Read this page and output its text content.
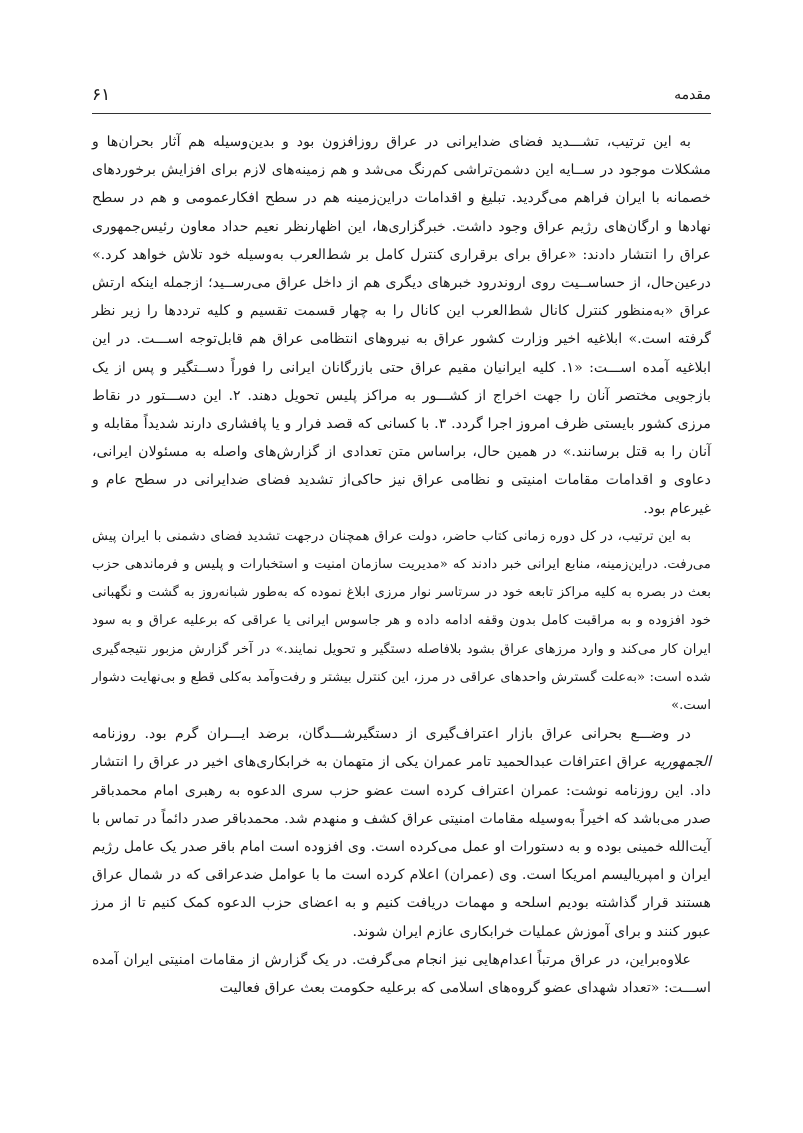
مقدمه
۶۱

به این ترتیب، تشـــدید فضای ضدایرانی در عراق روزافزون بود و بدین‌وسیله هم آثار بحران‌ها و مشکلات موجود در ســایه این دشمن‌تراشی کم‌رنگ می‌شد و هم زمینه‌های لازم برای افزایش برخوردهای خصمانه با ایران فراهم می‌گردید. تبلیغ و اقدامات دراین‌زمینه هم در سطح افکارعمومی و هم در سطح نهادها و ارگان‌های رژیم عراق وجود داشت. خبرگزاری‌ها، این اظهارنظر نعیم حداد معاون رئیس‌جمهوری عراق را انتشار دادند: «عراق برای برقراری کنترل کامل بر شط‌العرب به‌وسیله خود تلاش خواهد کرد.» درعین‌حال، از حساســیت روی اروندرود خبرهای دیگری هم از داخل عراق می‌رســید؛ ازجمله اینکه ارتش عراق «به‌منظور کنترل کانال شط‌العرب این کانال را به چهار قسمت تقسیم و کلیه ترددها را زیر نظر گرفته است.» ابلاغیه اخیر وزارت کشور عراق به نیروهای انتظامی عراق هم قابل‌توجه اســـت. در این ابلاغیه آمده اســـت: «۱. کلیه ایرانیان مقیم عراق حتی بازرگانان ایرانی را فوراً دســتگیر و پس از یک بازجویی مختصر آنان را جهت اخراج از کشـــور به مراکز پلیس تحویل دهند. ۲. این دســـتور در نقاط مرزی کشور بایستی ظرف امروز اجرا گردد. ۳. با کسانی که قصد فرار و یا پافشاری دارند شدیداً مقابله و آنان را به قتل برسانند.» در همین حال، براساس متن تعدادی از گزارش‌های واصله به مسئولان ایرانی، دعاوی و اقدامات مقامات امنیتی و نظامی عراق نیز حاکی‌از تشدید فضای ضدایرانی در سطح عام و غیرعام بود.

به این ترتیب، در کل دوره زمانی کتاب حاضر، دولت عراق همچنان درجهت تشدید فضای دشمنی با ایران پیش می‌رفت. دراین‌زمینه، منابع ایرانی خبر دادند که «مدیریت سازمان امنیت و استخبارات و پلیس و فرماندهی حزب بعث در بصره به کلیه مراکز تابعه خود در سرتاسر نوار مرزی ابلاغ نموده که به‌طور شبانه‌روز به گشت و نگهبانی خود افزوده و به مراقبت کامل بدون وقفه ادامه داده و هر جاسوس ایرانی یا عراقی که برعلیه عراق و به سود ایران کار می‌کند و وارد مرزهای عراق بشود بلافاصله دستگیر و تحویل نمایند.» در آخر گزارش مزبور نتیجه‌گیری شده است: «به‌علت گسترش واحدهای عراقی در مرز، این کنترل بیشتر و رفت‌وآمد به‌کلی قطع و بی‌نهایت دشوار است.»

در وضـــع بحرانی عراق بازار اعتراف‌گیری از دستگیرشـــدگان، برضد ایـــران گرم بود. روزنامه الجمهوریه عراق اعترافات عبدالحمید تامر عمران یکی از متهمان به خرابکاری‌های اخیر در عراق را انتشار داد. این روزنامه نوشت: عمران اعتراف کرده است عضو حزب سری الدعوه به رهبری امام محمدباقر صدر می‌باشد که اخیراً به‌وسیله مقامات امنیتی عراق کشف و منهدم شد. محمدباقر صدر دائماً در تماس با آیت‌الله خمینی بوده و به دستورات او عمل می‌کرده است. وی افزوده است امام باقر صدر یک عامل رژیم ایران و امپریالیسم امریکا است. وی (عمران) اعلام کرده است ما با عوامل ضدعراقی که در شمال عراق هستند قرار گذاشته بودیم اسلحه و مهمات دریافت کنیم و به اعضای حزب الدعوه کمک کنیم تا از مرز عبور کنند و برای آموزش عملیات خرابکاری عازم ایران شوند.

علاوه‌براین، در عراق مرتباً اعدام‌هایی نیز انجام می‌گرفت. در یک گزارش از مقامات امنیتی ایران آمده اســـت: «تعداد شهدای عضو گروه‌های اسلامی که برعلیه حکومت بعث عراق فعالیت
